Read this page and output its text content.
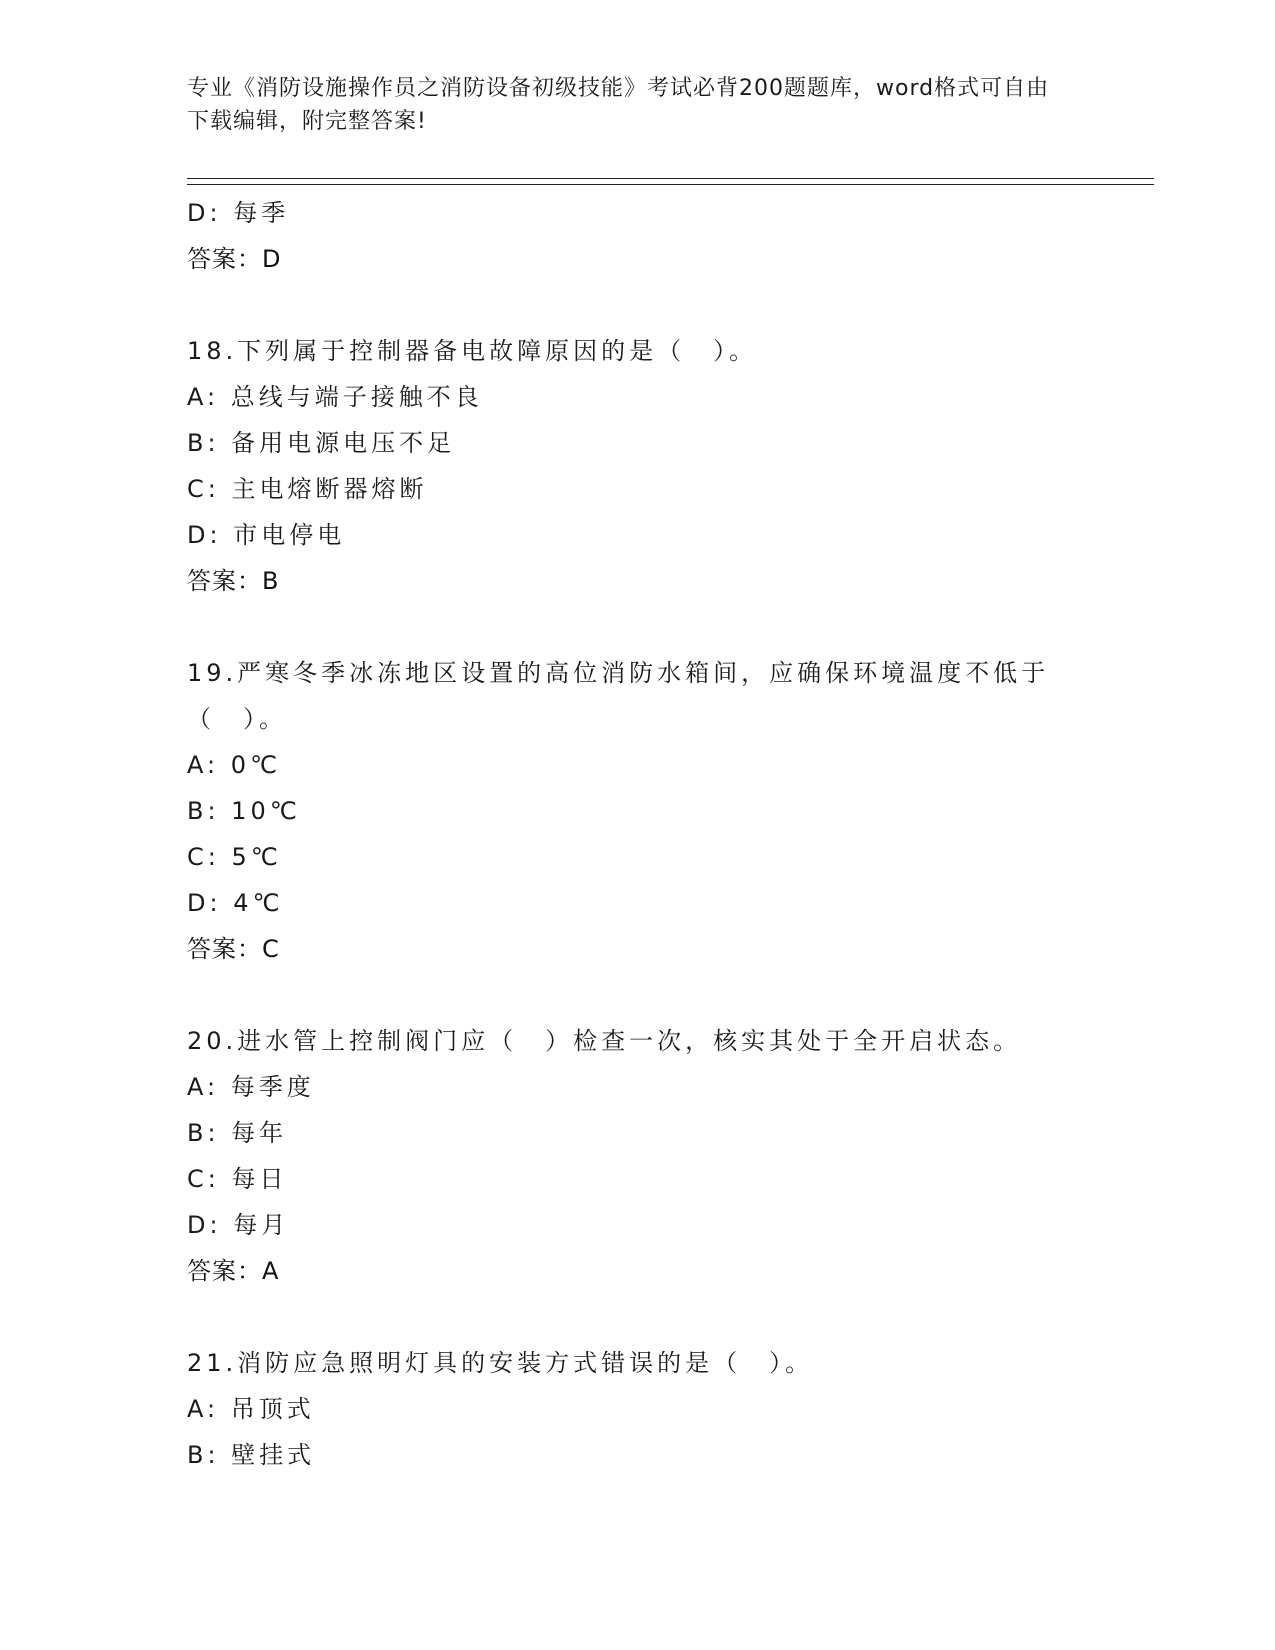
专业《消防设施操作员之消防设备初级技能》考试必背200题题库，word格式可自由下载编辑，附完整答案!
D: 每季
答案：D
18.下列属于控制器备电故障原因的是（　）。
A: 总线与端子接触不良
B: 备用电源电压不足
C: 主电熔断器熔断
D: 市电停电
答案：B
19.严寒冬季冰冻地区设置的高位消防水箱间，应确保环境温度不低于
（　）。
A: 0℃
B: 10℃
C: 5℃
D: 4℃
答案：C
20.进水管上控制阀门应（　）检查一次，核实其处于全开启状态。
A: 每季度
B: 每年
C: 每日
D: 每月
答案：A
21.消防应急照明灯具的安装方式错误的是（　）。
A: 吊顶式
B: 壁挂式
